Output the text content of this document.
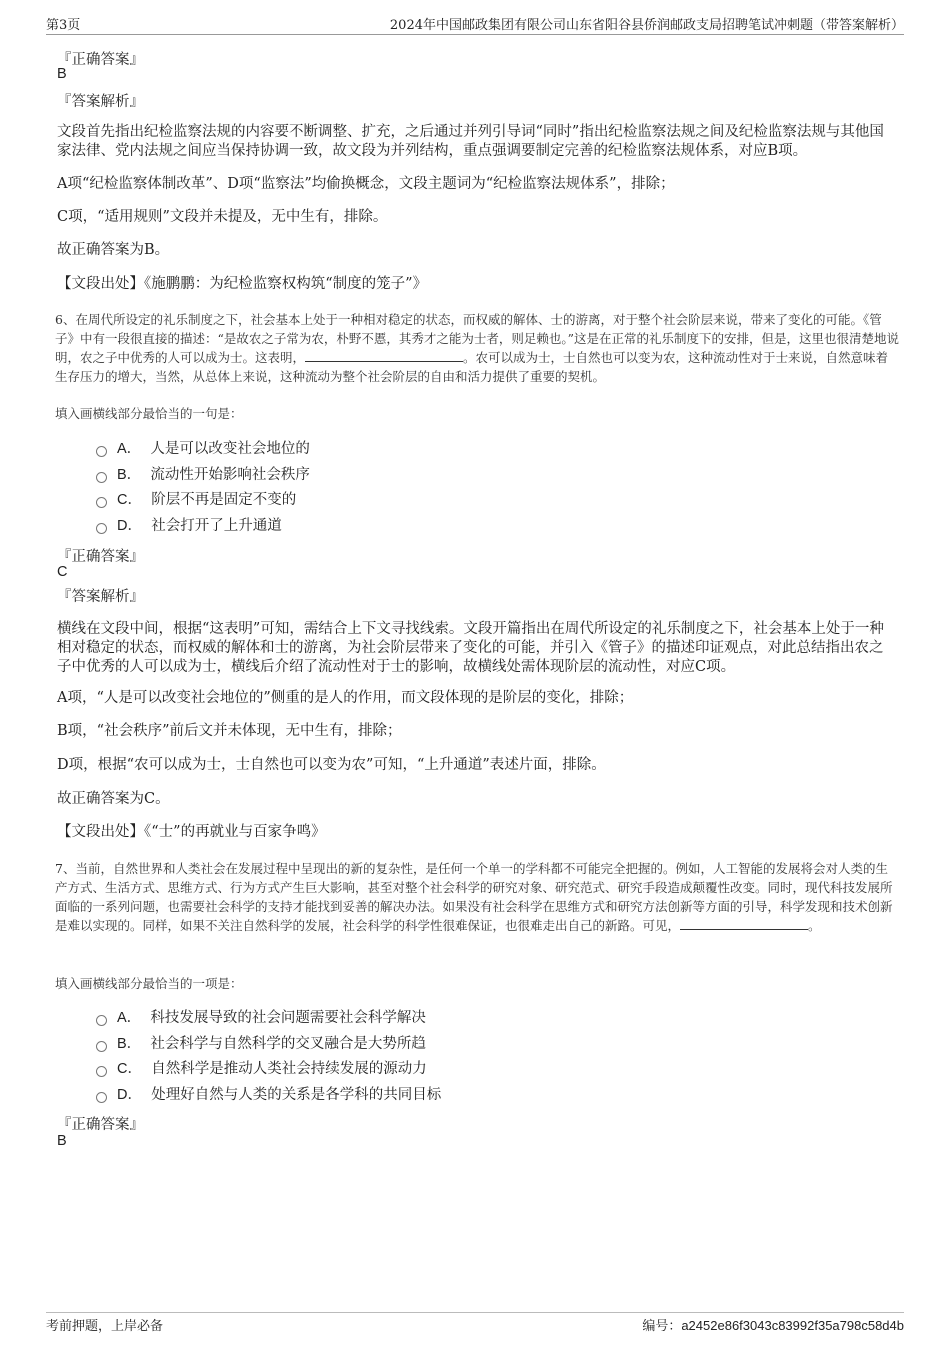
第3页	2024年中国邮政集团有限公司山东省阳谷县侨润邮政支局招聘笔试冲刺题（带答案解析）
『正确答案』
B
『答案解析』
文段首先指出纪检监察法规的内容要不断调整、扩充，之后通过并列引导词“同时”指出纪检监察法规之间及纪检监察法规与其他国家法律、党内法规之间应当保持协调一致，故文段为并列结构，重点强调要制定完善的纪检监察法规体系，对应B项。
A项“纪检监察体制改革”、D项“监察法”均偷换概念，文段主题词为“纪检监察法规体系”，排除；
C项，“适用规则”文段并未提及，无中生有，排除。
故正确答案为B。
【文段出处】《施鹏鹏：为纪检监察权构筑“制度的笼子”》
6、在周代所设定的礼乐制度之下，社会基本上处于一种相对稳定的状态，而权威的解体、士的游离，对于整个社会阶层来说，带来了变化的可能。《管子》中有一段很直接的描述：“是故农之子常为农，朴野不慝，其秀才之能为士者，则足赖也。”这是在正常的礼乐制度下的安排，但是，这里也很清楚地说明，农之子中优秀的人可以成为士。这表明，	。农可以成为士，士自然也可以变为农，这种流动性对于士来说，自然意味着生存压力的增大，当然，从总体上来说，这种流动为整个社会阶层的自由和活力提供了重要的契机。
填入画横线部分最恰当的一句是：
A． 人是可以改变社会地位的
B． 流动性开始影响社会秩序
C． 阶层不再是固定不变的
D． 社会打开了上升通道
『正确答案』
C
『答案解析』
横线在文段中间，根据“这表明”可知，需结合上下文寻找线索。文段开篇指出在周代所设定的礼乐制度之下，社会基本上处于一种相对稳定的状态，而权威的解体和士的游离，为社会阶层带来了变化的可能，并引入《管子》的描述印证观点，对此总结指出农之子中优秀的人可以成为士，横线后介绍了流动性对于士的影响，故横线处需体现阶层的流动性，对应C项。
A项，“人是可以改变社会地位的”侧重的是人的作用，而文段体现的是阶层的变化，排除；
B项，“社会秩序”前后文并未体现，无中生有，排除；
D项，根据“农可以成为士，士自然也可以变为农”可知，“上升通道”表述片面，排除。
故正确答案为C。
【文段出处】《“士”的再就业与百家争鸣》
7、当前，自然世界和人类社会在发展过程中呈现出的新的复杂性，是任何一个单一的学科都不可能完全把握的。例如，人工智能的发展将会对人类的生产方式、生活方式、思维方式、行为方式产生巨大影响，甚至对整个社会科学的研究对象、研究范式、研究手段造成颠覆性改变。同时，现代科技发展所面临的一系列问题，也需要社会科学的支持才能找到妥善的解决办法。如果没有社会科学在思维方式和研究方法创新等方面的引导，科学发现和技术创新是难以实现的。同样，如果不关注自然科学的发展，社会科学的科学性很难保证，也很难走出自己的新路。可见，	。
填入画横线部分最恰当的一项是：
A． 科技发展导致的社会问题需要社会科学解决
B． 社会科学与自然科学的交叉融合是大势所趋
C． 自然科学是推动人类社会持续发展的源动力
D． 处理好自然与人类的关系是各学科的共同目标
『正确答案』
B
考前押题，上岸必备	编号：a2452e86f3043c83992f35a798c58d4b
